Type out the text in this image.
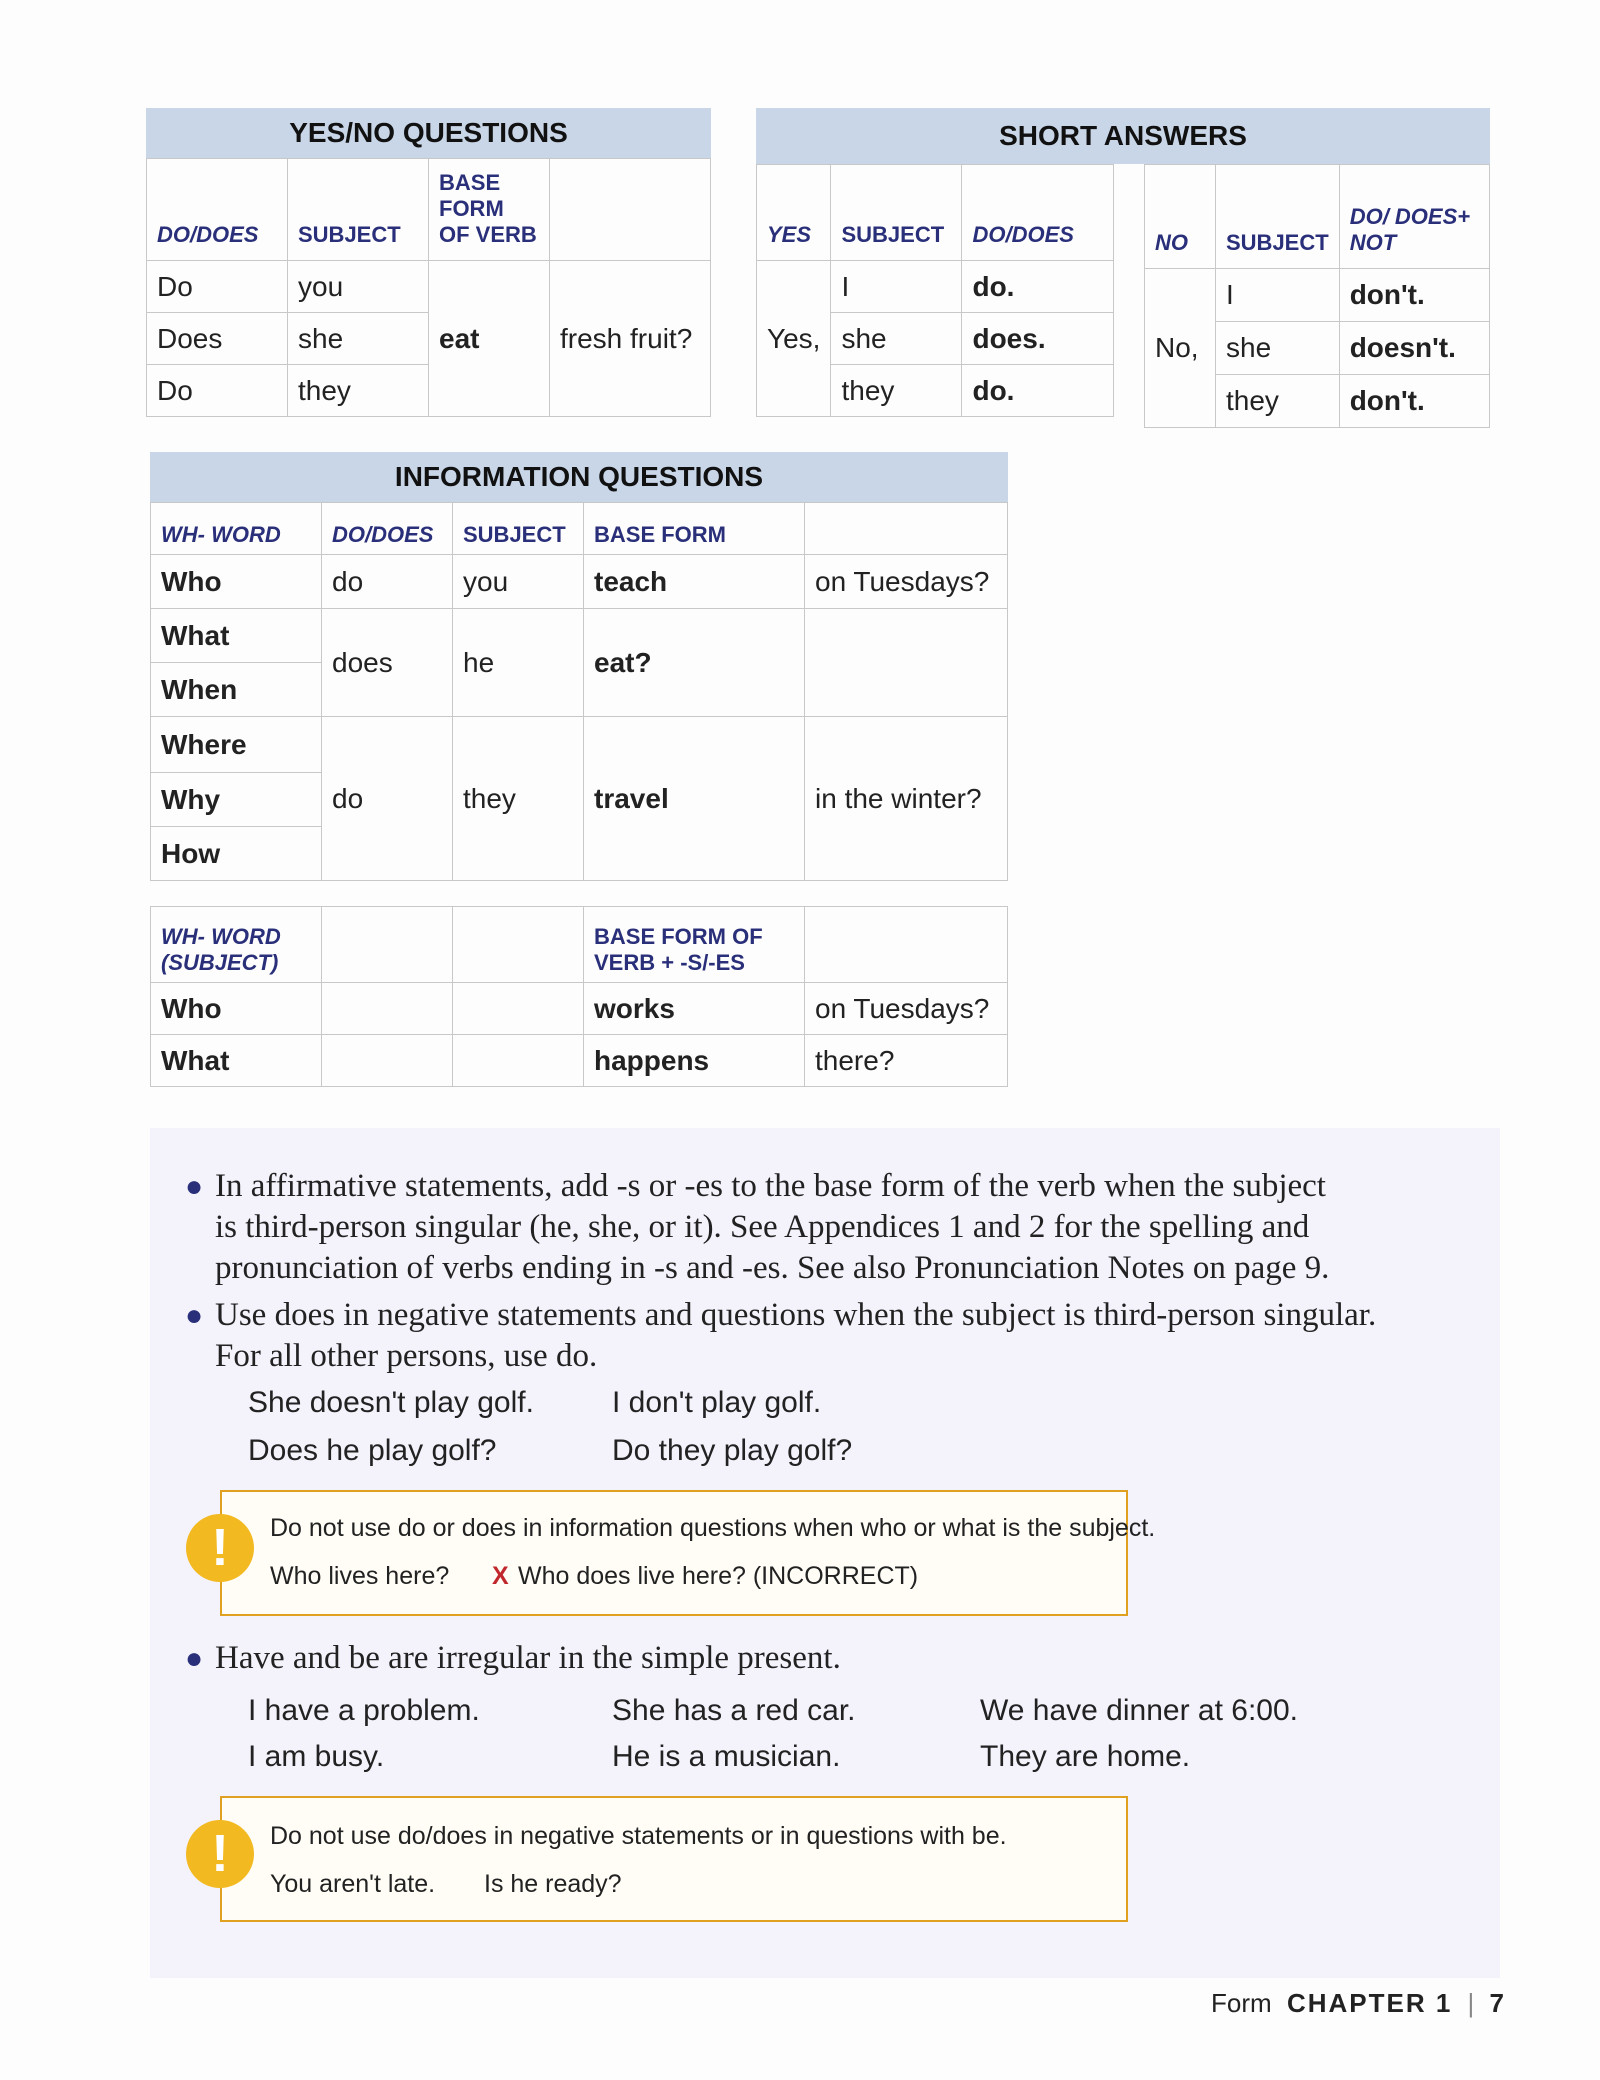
YES/NO QUESTIONS
DO/DOES	SUBJECT	BASE FORM OF VERB	
Do	you	eat	fresh fruit?
Does	she		
Do	they		
SHORT ANSWERS
YES	SUBJECT	DO/DOES
Yes,	I	do.
	she	does.
	they	do.
NO	SUBJECT	DO/ DOES+ NOT
No,	I	don't.
	she	doesn't.
	they	don't.
INFORMATION QUESTIONS
WH- WORD	DO/DOES	SUBJECT	BASE FORM	
Who	do	you	teach	on Tuesdays?
What	does	he	eat?	
When				
Where	do	they	travel	in the winter?
Why				
How				
WH- WORD (SUBJECT)			BASE FORM OF VERB + -S/-ES	
Who			works	on Tuesdays?
What			happens	there?
● In affirmative statements, add -s or -es to the base form of the verb when the subject
is third-person singular (he, she, or it). See Appendices 1 and 2 for the spelling and
pronunciation of verbs ending in -s and -es. See also Pronunciation Notes on page 9.
● Use does in negative statements and questions when the subject is third-person singular.
For all other persons, use do.
She doesn't play golf.	I don't play golf.
Does he play golf?	Do they play golf?
!	Do not use do or does in information questions when who or what is the subject.
Who lives here? X Who does live here? (INCORRECT)
● Have and be are irregular in the simple present.
I have a problem.	She has a red car.	We have dinner at 6:00.
I am busy.	He is a musician.	They are home.
!	Do not use do/does in negative statements or in questions with be.
You aren't late. Is he ready?
Form CHAPTER 1 | 7
